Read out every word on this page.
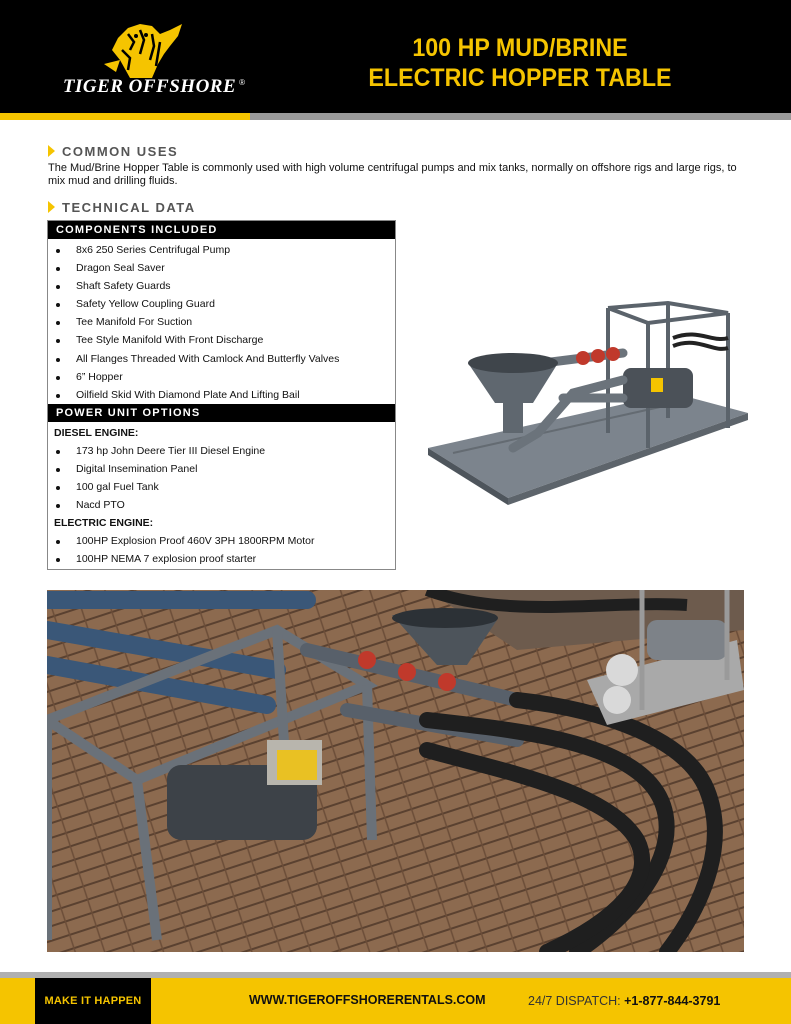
TIGER OFFSHORE ®
100 HP MUD/BRINE
ELECTRIC HOPPER TABLE
COMMON USES
The Mud/Brine Hopper Table is commonly used with high volume centrifugal pumps and mix tanks, normally on offshore rigs and large rigs, to mix mud and drilling fluids.
TECHNICAL DATA
COMPONENTS INCLUDED
8x6 250 Series Centrifugal Pump
Dragon Seal Saver
Shaft Safety Guards
Safety Yellow Coupling Guard
Tee Manifold For Suction
Tee Style Manifold With Front Discharge
All Flanges Threaded With Camlock And Butterfly Valves
6” Hopper
Oilfield Skid With Diamond Plate And Lifting Bail
POWER UNIT OPTIONS
DIESEL ENGINE:
173 hp John Deere Tier III Diesel Engine
Digital Insemination Panel
100 gal Fuel Tank
Nacd PTO
ELECTRIC ENGINE:
100HP Explosion Proof 460V 3PH 1800RPM Motor
100HP NEMA 7 explosion proof starter
MAKE IT HAPPEN	WWW.TIGEROFFSHORERENTALS.COM	24/7 DISPATCH: +1-877-844-3791
